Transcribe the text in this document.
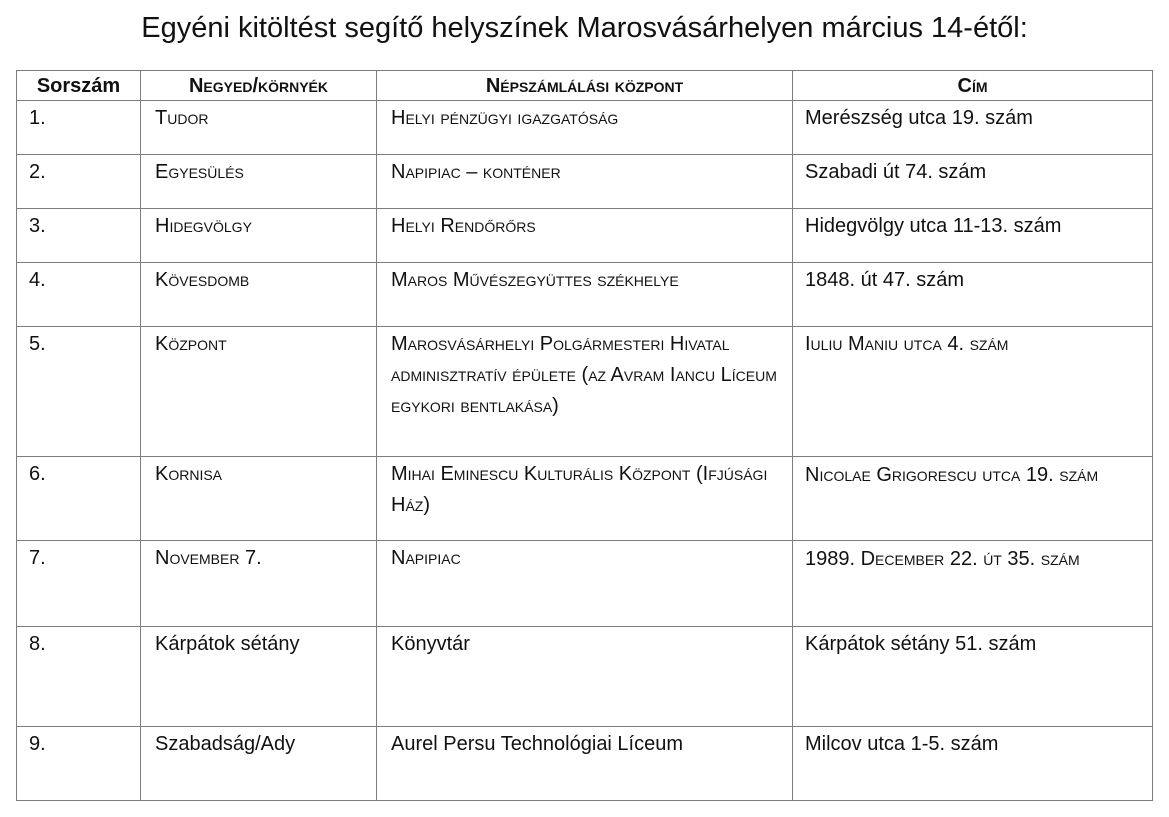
Egyéni kitöltést segítő helyszínek Marosvásárhelyen március 14-étől:
Sorszám	Negyed/környék	Népszámlálási központ	Cím
1.	Tudor	Helyi pénzügyi igazgatóság	Merészség utca 19. szám
2.	Egyesülés	Napipiac – konténer	Szabadi út 74. szám
3.	Hidegvölgy	Helyi Rendőrőrs	Hidegvölgy utca 11-13. szám
4.	Kövesdomb	Maros Művészegyüttes székhelye	1848. út 47. szám
5.	Központ	Marosvásárhelyi Polgármesteri Hivatal adminisztratív épülete (az Avram Iancu Líceum egykori bentlakása)	Iuliu Maniu utca 4. szám
6.	Kornisa	Mihai Eminescu Kulturális Központ (Ifjúsági Ház)	Nicolae Grigorescu utca 19. szám
7.	November 7.	Napipiac	1989. December 22. út 35. szám
8.	Kárpátok sétány	Könyvtár	Kárpátok sétány 51. szám
9.	Szabadság/Ady	Aurel Persu Technológiai Líceum	Milcov utca 1-5. szám
